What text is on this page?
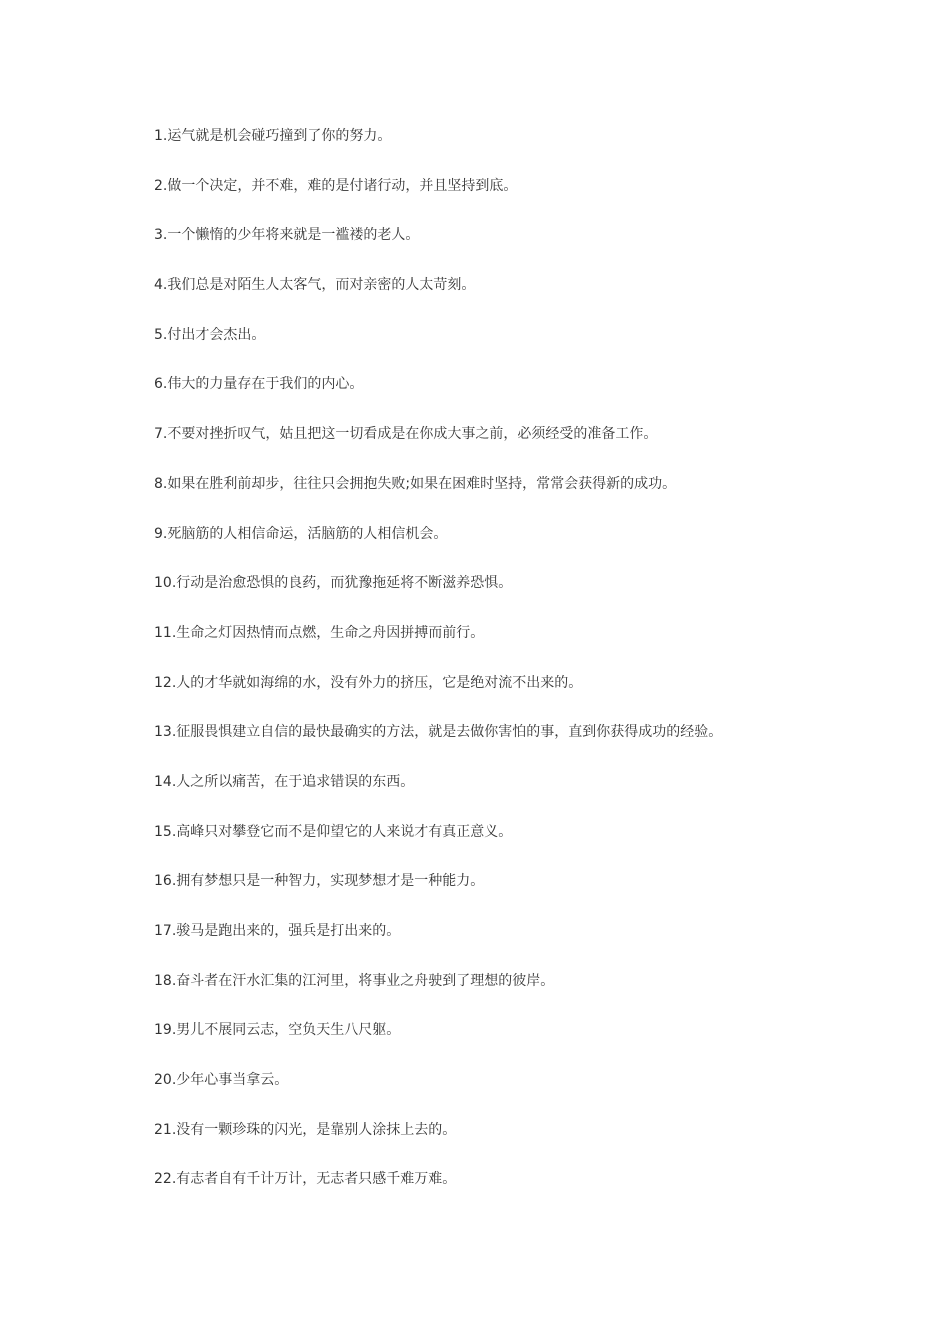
1.运气就是机会碰巧撞到了你的努力。
2.做一个决定，并不难，难的是付诸行动，并且坚持到底。
3.一个懒惰的少年将来就是一褴褛的老人。
4.我们总是对陌生人太客气，而对亲密的人太苛刻。
5.付出才会杰出。
6.伟大的力量存在于我们的内心。
7.不要对挫折叹气，姑且把这一切看成是在你成大事之前，必须经受的准备工作。
8.如果在胜利前却步，往往只会拥抱失败;如果在困难时坚持，常常会获得新的成功。
9.死脑筋的人相信命运，活脑筋的人相信机会。
10.行动是治愈恐惧的良药，而犹豫拖延将不断滋养恐惧。
11.生命之灯因热情而点燃，生命之舟因拼搏而前行。
12.人的才华就如海绵的水，没有外力的挤压，它是绝对流不出来的。
13.征服畏惧建立自信的最快最确实的方法，就是去做你害怕的事，直到你获得成功的经验。
14.人之所以痛苦，在于追求错误的东西。
15.高峰只对攀登它而不是仰望它的人来说才有真正意义。
16.拥有梦想只是一种智力，实现梦想才是一种能力。
17.骏马是跑出来的，强兵是打出来的。
18.奋斗者在汗水汇集的江河里，将事业之舟驶到了理想的彼岸。
19.男儿不展同云志，空负天生八尺躯。
20.少年心事当拿云。
21.没有一颗珍珠的闪光，是靠别人涂抹上去的。
22.有志者自有千计万计，无志者只感千难万难。
